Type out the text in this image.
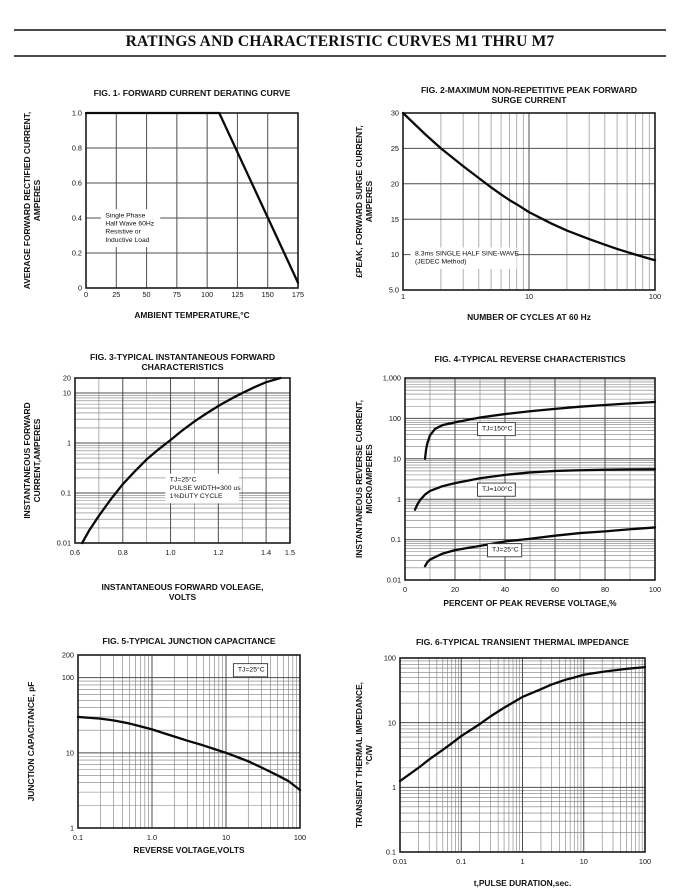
RATINGS AND CHARACTERISTIC CURVES M1 THRU M7
Single Phase
Half Wave 60Hz
Resistive or
Inductive Load
0	25	50	75	100 125 150 175
0
0.2
0.4
0.6
0.8
1.0
FIG. 1- FORWARD CURRENT DERATING CURVE
AMBIENT TEMPERATURE,°C
AVERAGE FORWARD RECTIFIED CURRENT, AMPERES
8.3ms SINGLE HALF SINE-WAVE
(JEDEC Method)
1	10	100
5.0
10
15
20
25
30
FIG. 2-MAXIMUM NON-REPETITIVE PEAK FORWARD
SURGE CURRENT
NUMBER OF CYCLES AT 60 Hz
£PEAK, FORWARD SURGE CURRENT, AMPERES
TJ=25°C
PULSE WIDTH=300 us
1%DUTY CYCLE
0.6	0.8	1.0	1.2	1.4 1.5
0.01
0.1
1
10
20
FIG. 3-TYPICAL INSTANTANEOUS FORWARD
CHARACTERISTICS
INSTANTANEOUS FORWARD VOLEAGE,
VOLTS
INSTANTANEOUS FORWARD CURRENT,AMPERES	TJ=150°C
TJ=100°C
TJ=25°C
0	20	40	60	80	100
0.01
0.1
1
10
100
1,000
FIG. 4-TYPICAL REVERSE CHARACTERISTICS
PERCENT OF PEAK REVERSE VOLTAGE,%
INSTANTANEOUS REVERSE CURRENT, MICROAMPERES
TJ=25°C
0.1	1.0	10	100
1
10
100
200
FIG. 5-TYPICAL JUNCTION CAPACITANCE
REVERSE VOLTAGE,VOLTS
JUNCTION CAPACITANCE, pF
0.01	0.1	1	10	100
0.1
1
10
100
FIG. 6-TYPICAL TRANSIENT THERMAL IMPEDANCE
t,PULSE DURATION,sec.
TRANSIENT THERMAL IMPEDANCE, °C/W
